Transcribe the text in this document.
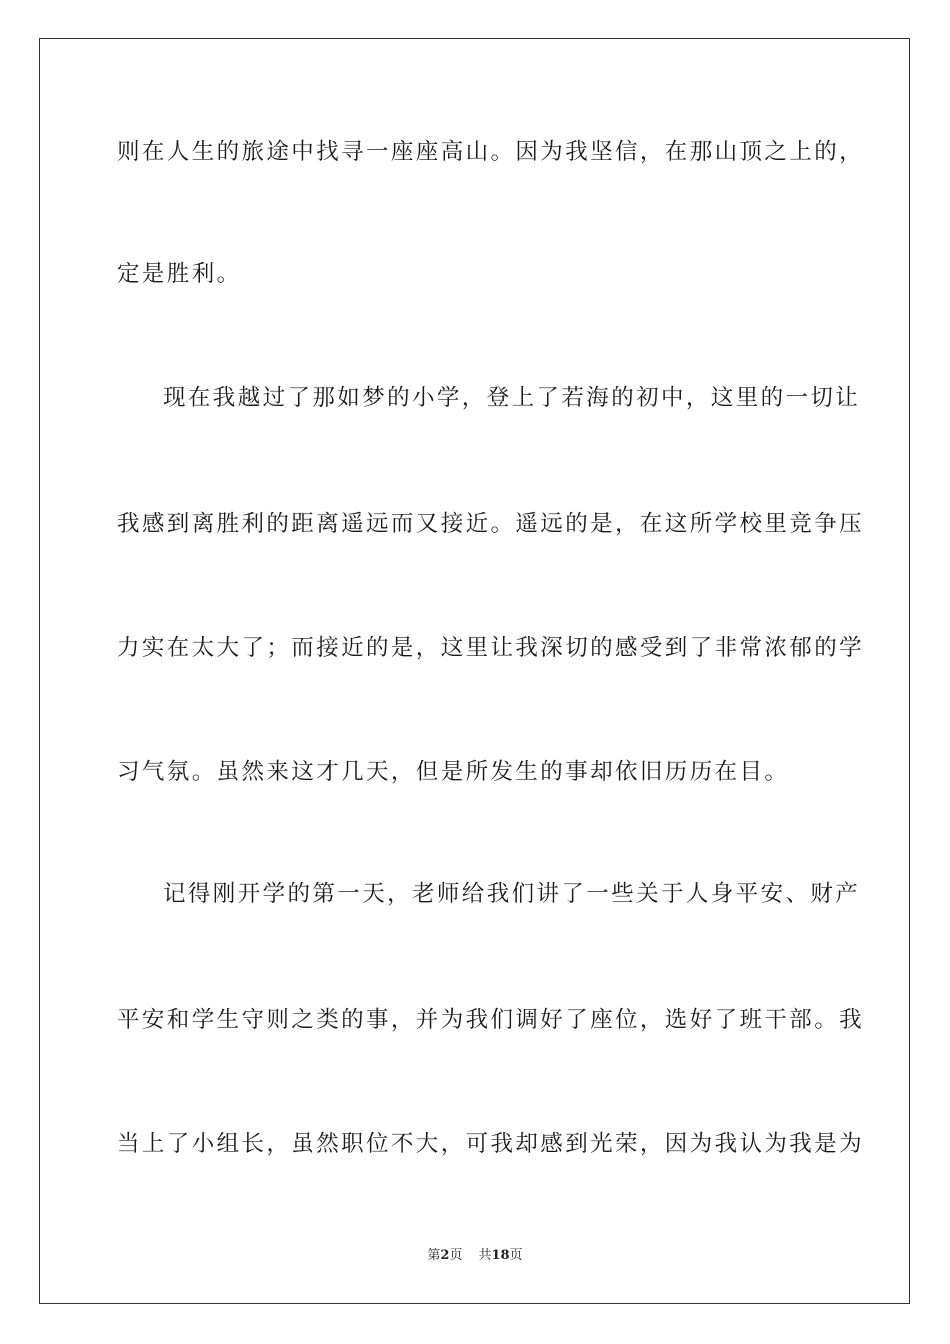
则在人生的旅途中找寻一座座高山。因为我坚信，在那山顶之上的，
定是胜利。
现在我越过了那如梦的小学，登上了若海的初中，这里的一切让
我感到离胜利的距离遥远而又接近。遥远的是，在这所学校里竞争压
力实在太大了；而接近的是，这里让我深切的感受到了非常浓郁的学
习气氛。虽然来这才几天，但是所发生的事却依旧历历在目。
记得刚开学的第一天，老师给我们讲了一些关于人身平安、财产
平安和学生守则之类的事，并为我们调好了座位，选好了班干部。我
当上了小组长，虽然职位不大，可我却感到光荣，因为我认为我是为
第2页 共18页
